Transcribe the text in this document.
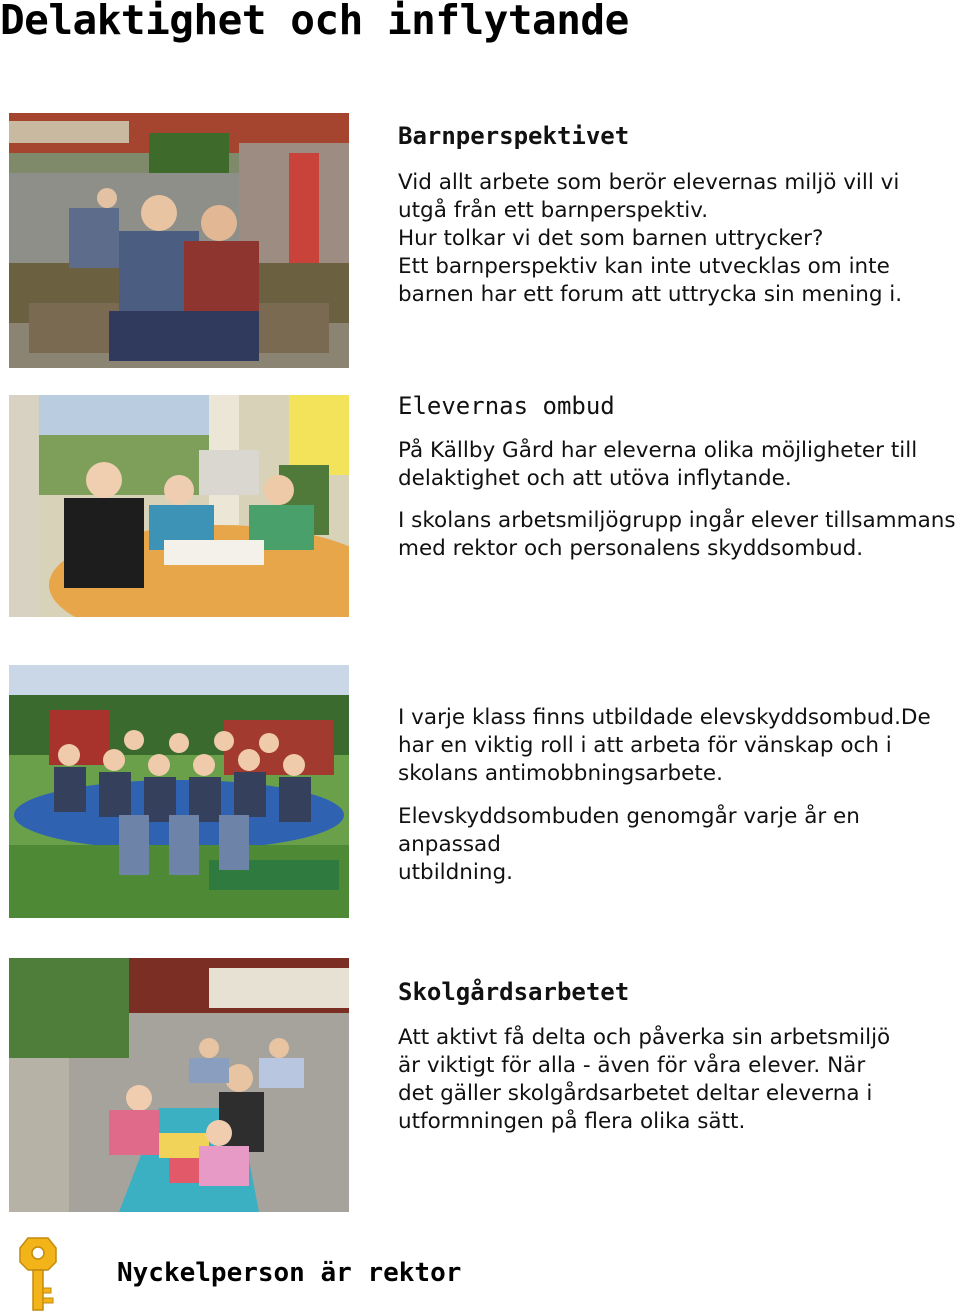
Delaktighet och inflytande
Barnperspektivet

Vid allt arbete som berör elevernas miljö vill vi
utgå från ett barnperspektiv.
Hur tolkar vi det som barnen uttrycker?
Ett barnperspektiv kan inte utvecklas om inte
barnen har ett forum att uttrycka sin mening i.

Elevernas ombud

På Källby Gård har eleverna olika möjligheter till
delaktighet och att utöva inflytande.

I skolans arbetsmiljögrupp ingår elever tillsammans
med rektor och personalens skyddsombud.

I varje klass finns utbildade elevskyddsombud.De
har en viktig roll i att arbeta för vänskap och i
skolans antimobbningsarbete.

Elevskyddsombuden genomgår varje år en anpassad
utbildning.

Skolgårdsarbetet

Att aktivt få delta och påverka sin arbetsmiljö
är viktigt för alla - även för våra elever. När
det gäller skolgårdsarbetet deltar eleverna i
utformningen på flera olika sätt.

Nyckelperson är rektor
